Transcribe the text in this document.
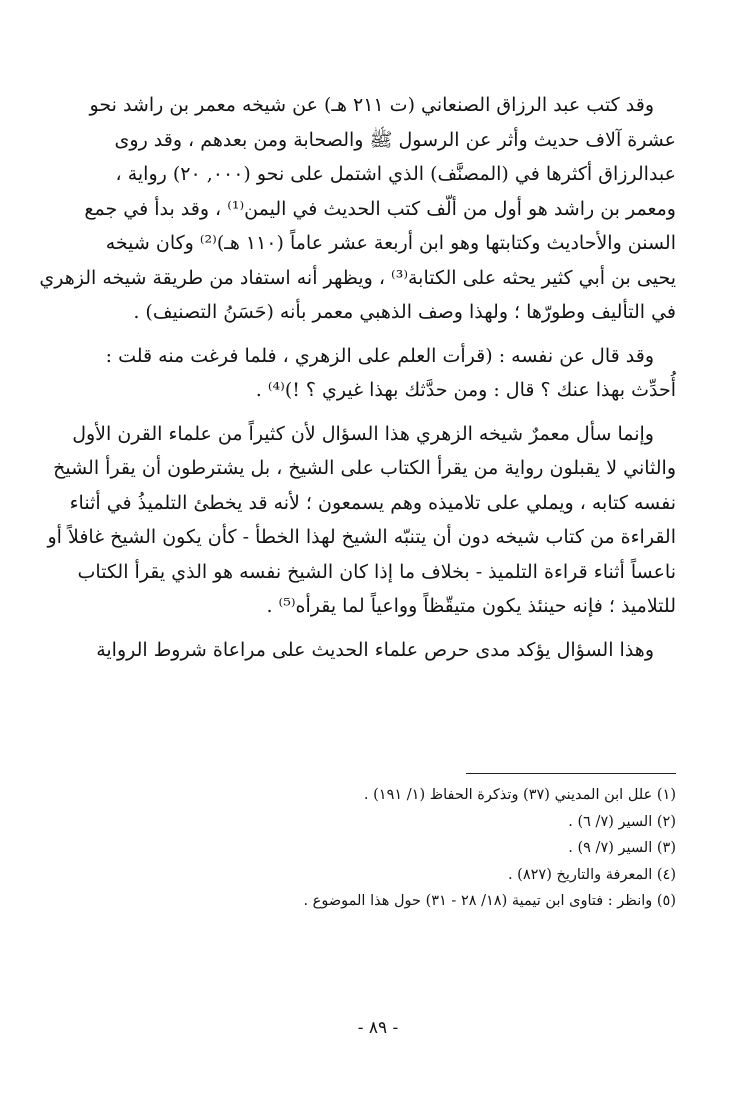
وقد كتب عبد الرزاق الصنعاني (ت ٢١١ هـ) عن شيخه معمر بن راشد نحو
عشرة آلاف حديث وأثر عن الرسول ﷺ والصحابة ومن بعدهم ، وقد روى
عبدالرزاق أكثرها في (المصنَّف) الذي اشتمل على نحو (٠٠٠, ٢٠) رواية ،
ومعمر بن راشد هو أول من ألّف كتب الحديث في اليمن⁽¹⁾ ، وقد بدأ في جمع
السنن والأحاديث وكتابتها وهو ابن أربعة عشر عاماً (١١٠ هـ)⁽²⁾ وكان شيخه
يحيى بن أبي كثير يحثه على الكتابة⁽³⁾ ، ويظهر أنه استفاد من طريقة شيخه الزهري
في التأليف وطورّها ؛ ولهذا وصف الذهبي معمر بأنه (حَسَنُ التصنيف) .

وقد قال عن نفسه : (قرأت العلم على الزهري ، فلما فرغت منه قلت :
أُحدِّث بهذا عنك ؟ قال : ومن حدَّثك بهذا غيري ؟ !)⁽⁴⁾ .

وإنما سأل معمرٌ شيخه الزهري هذا السؤال لأن كثيراً من علماء القرن الأول
والثاني لا يقبلون رواية من يقرأ الكتاب على الشيخ ، بل يشترطون أن يقرأ الشيخ
نفسه كتابه ، ويملي على تلاميذه وهم يسمعون ؛ لأنه قد يخطئ التلميذُ في أثناء
القراءة من كتاب شيخه دون أن يتنبّه الشيخ لهذا الخطأ - كأن يكون الشيخ غافلاً أو
ناعساً أثناء قراءة التلميذ - بخلاف ما إذا كان الشيخ نفسه هو الذي يقرأ الكتاب
للتلاميذ ؛ فإنه حينئذ يكون متيقّظاً وواعياً لما يقرأه⁽⁵⁾ .

وهذا السؤال يؤكد مدى حرص علماء الحديث على مراعاة شروط الرواية

(١) علل ابن المديني (٣٧) وتذكرة الحفاظ (١/ ١٩١) .
(٢) السير (٧/ ٦) .
(٣) السير (٧/ ٩) .
(٤) المعرفة والتاريخ (٨٢٧) .
(٥) وانظر : فتاوى ابن تيمية (١٨/ ٢٨ - ٣١) حول هذا الموضوع .
- ٨٩ -
